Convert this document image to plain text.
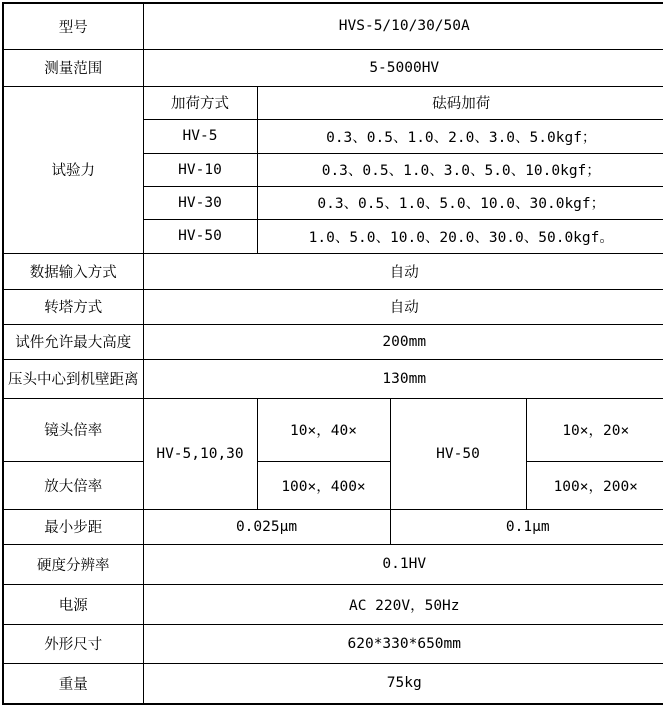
型号	HVS-5/10/30/50A			
测量范围	5-5000HV			
试验力	加荷方式	砝码加荷		
	HV-5	0.3、0.5、1.0、2.0、3.0、5.0kgf；		
	HV-10	0.3、0.5、1.0、3.0、5.0、10.0kgf；		
	HV-30	0.3、0.5、1.0、5.0、10.0、30.0kgf；		
	HV-50	1.0、5.0、10.0、20.0、30.0、50.0kgf。		
数据输入方式	自动			
转塔方式	自动			
试件允许最大高度	200mm			
压头中心到机壁距离	130mm			
镜头倍率	HV-5,10,30	10×，40×	HV-50	10×，20×
放大倍率		100×，400×		100×，200×
最小步距	0.025μm		0.1μm	
硬度分辨率	0.1HV			
电源	AC 220V，50Hz			
外形尺寸	620*330*650mm			
重量	75kg			
